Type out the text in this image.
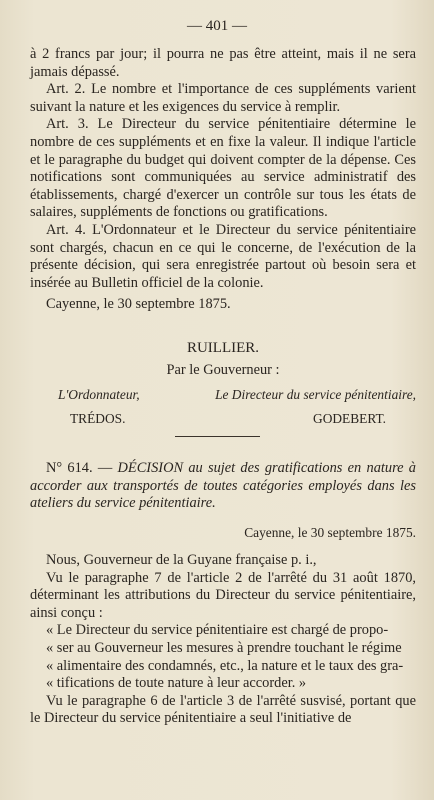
— 401 —

à 2 francs par jour; il pourra ne pas être atteint, mais il ne sera jamais dépassé.

Art. 2. Le nombre et l'importance de ces suppléments varient suivant la nature et les exigences du service à remplir.

Art. 3. Le Directeur du service pénitentiaire détermine le nombre de ces suppléments et en fixe la valeur. Il indique l'article et le paragraphe du budget qui doivent compter de la dépense. Ces notifications sont communiquées au service administratif des établissements, chargé d'exercer un contrôle sur tous les états de salaires, suppléments de fonctions ou gratifications.

Art. 4. L'Ordonnateur et le Directeur du service pénitentiaire sont chargés, chacun en ce qui le concerne, de l'exécution de la présente décision, qui sera enregistrée partout où besoin sera et insérée au Bulletin officiel de la colonie.

Cayenne, le 30 septembre 1875.

RUILLIER.
Par le Gouverneur :
L'Ordonnateur,	Le Directeur du service pénitentiaire,
TRÉDOS.	GODEBERT.

N° 614. — DÉCISION au sujet des gratifications en nature à accorder aux transportés de toutes catégories employés dans les ateliers du service pénitentiaire.

Cayenne, le 30 septembre 1875.

Nous, Gouverneur de la Guyane française p. i.,

Vu le paragraphe 7 de l'article 2 de l'arrêté du 31 août 1870, déterminant les attributions du Directeur du service pénitentiaire, ainsi conçu :

« Le Directeur du service pénitentiaire est chargé de propo-

« ser au Gouverneur les mesures à prendre touchant le régime

« alimentaire des condamnés, etc., la nature et le taux des gra-

« tifications de toute nature à leur accorder. »

Vu le paragraphe 6 de l'article 3 de l'arrêté susvisé, portant que le Directeur du service pénitentiaire a seul l'initiative de
